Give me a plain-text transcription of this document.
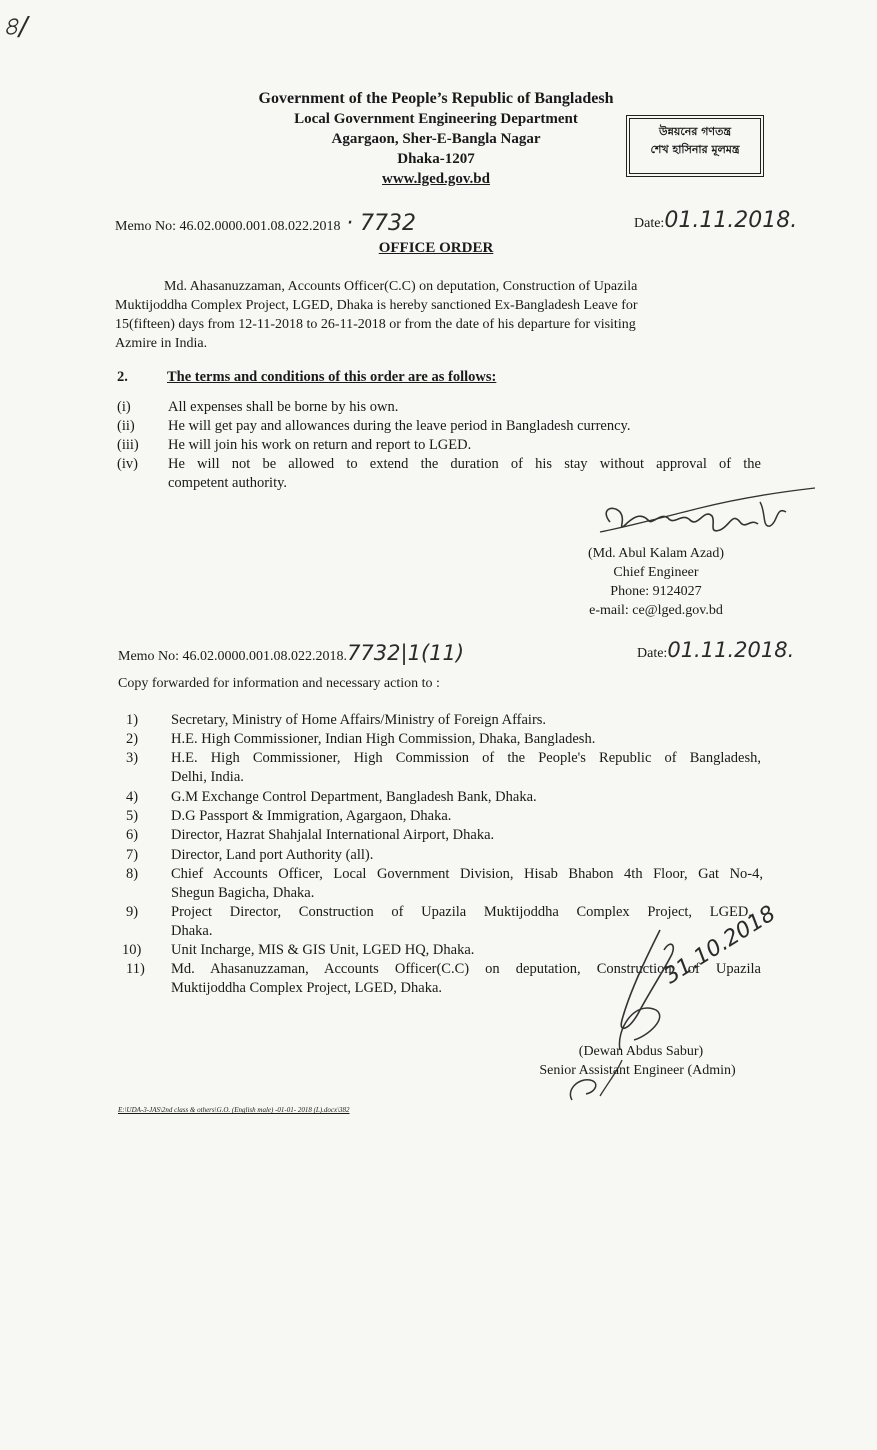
৪/
Government of the People’s Republic of Bangladesh
Local Government Engineering Department
Agargaon, Sher-E-Bangla Nagar
Dhaka-1207
www.lged.gov.bd
উন্নয়নের গণতন্ত্র
শেখ হাসিনার মূলমন্ত্র
Memo No: 46.02.0000.001.08.022.2018 · 7732	Date:01.11.2018.
OFFICE ORDER
Md. Ahasanuzzaman, Accounts Officer(C.C) on deputation, Construction of Upazila
Muktijoddha Complex Project, LGED, Dhaka is hereby sanctioned Ex-Bangladesh Leave for
15(fifteen) days from 12-11-2018 to 26-11-2018 or from the date of his departure for visiting
Azmire in India.
2.	The terms and conditions of this order are as follows:
(i)	All expenses shall be borne by his own.
(ii) He will get pay and allowances during the leave period in Bangladesh currency.
(iii) He will join his work on return and report to LGED.
(iv) He will not be allowed to extend the duration of his stay without approval of the
competent authority.
(Md. Abul Kalam Azad)
Chief Engineer
Phone: 9124027
e-mail: ce@lged.gov.bd
Memo No: 46.02.0000.001.08.022.2018.7732|1(11)	Date:01.11.2018.
Copy forwarded for information and necessary action to :
1) Secretary, Ministry of Home Affairs/Ministry of Foreign Affairs.
2) H.E. High Commissioner, Indian High Commission, Dhaka, Bangladesh.
3) H.E. High Commissioner, High Commission of the People's Republic of Bangladesh,
Delhi, India.
4) G.M Exchange Control Department, Bangladesh Bank, Dhaka.
5) D.G Passport & Immigration, Agargaon, Dhaka.
6) Director, Hazrat Shahjalal International Airport, Dhaka.
7) Director, Land port Authority (all).
8) Chief Accounts Officer, Local Government Division, Hisab Bhabon 4th Floor, Gat No-4,
Shegun Bagicha, Dhaka.
9) Project Director, Construction of Upazila Muktijoddha Complex Project, LGED,
Dhaka.
10) Unit Incharge, MIS & GIS Unit, LGED HQ, Dhaka.
11) Md. Ahasanuzzaman, Accounts Officer(C.C) on deputation, Construction of Upazila
Muktijoddha Complex Project, LGED, Dhaka.	31.10.2018
(Dewan Abdus Sabur)
Senior Assistant Engineer (Admin)
E:\UDA-3-JAS\2nd class & others\G.O. (English male) -01-01- 2018 (L).docx\382
